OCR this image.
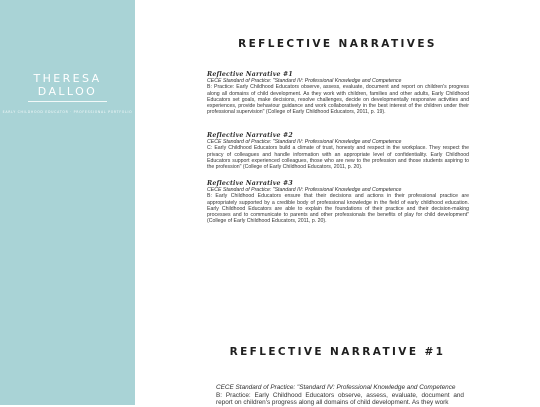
THERESA
DALLOO
EARLY CHILDHOOD EDUCATOR · PROFESSIONAL PORTFOLIO
REFLECTIVE NARRATIVES
Reflective Narrative #1
CECE Standard of Practice: "Standard IV: Professional Knowledge and Competence
B: Practice: Early Childhood Educators observe, assess, evaluate, document and report on children's progress along all domains of child development. As they work with children, families and other adults, Early Childhood Educators set goals, make decisions, resolve challenges, decide on developmentally responsive activities and experiences, provide behaviour guidance and work collaboratively in the best interest of the children under their professional supervision" (College of Early Childhood Educators, 2011, p. 19).
Reflective Narrative #2
CECE Standard of Practice: "Standard IV: Professional Knowledge and Competence
C: Early Childhood Educators build a climate of trust, honesty and respect in the workplace. They respect the privacy of colleagues and handle information with an appropriate level of confidentiality. Early Childhood Educators support experienced colleagues, those who are new to the profession and those students aspiring to the profession" (College of Early Childhood Educators, 2011, p. 20).
Reflective Narrative #3
CECE Standard of Practice: "Standard IV: Professional Knowledge and Competence
B: Early Childhood Educators ensure that their decisions and actions in their professional practice are appropriately supported by a credible body of professional knowledge in the field of early childhood education. Early Childhood Educators are able to explain the foundations of their practice and their decision-making processes and to communicate to parents and other professionals the benefits of play for child development" (College of Early Childhood Educators, 2011, p. 20).
REFLECTIVE NARRATIVE #1
CECE Standard of Practice: "Standard IV: Professional Knowledge and Competence
B: Practice: Early Childhood Educators observe, assess, evaluate, document and report on children's progress along all domains of child development. As they work
